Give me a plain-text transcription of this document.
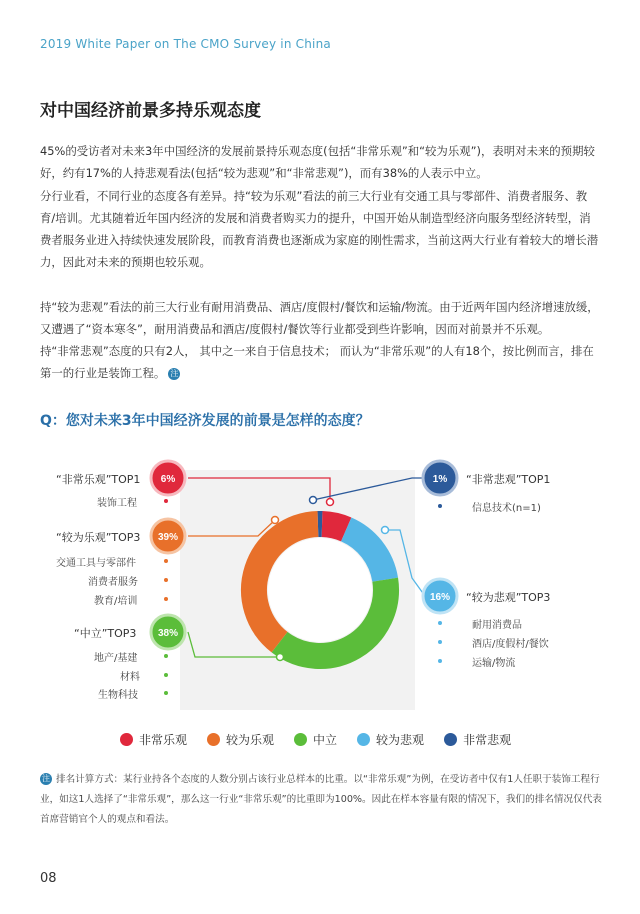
2019 White Paper on The CMO Survey in China
对中国经济前景多持乐观态度
45%的受访者对未来3年中国经济的发展前景持乐观态度(包括“非常乐观”和“较为乐观”)，表明对未来的预期较好，约有17%的人持悲观看法(包括“较为悲观”和“非常悲观”)，而有38%的人表示中立。
分行业看，不同行业的态度各有差异。持“较为乐观”看法的前三大行业有交通工具与零部件、消费者服务、教育/培训。尤其随着近年国内经济的发展和消费者购买力的提升，中国开始从制造型经济向服务型经济转型，消费者服务业进入持续快速发展阶段，而教育消费也逐渐成为家庭的刚性需求，当前这两大行业有着较大的增长潜力，因此对未来的预期也较乐观。
持“较为悲观”看法的前三大行业有耐用消费品、酒店/度假村/餐饮和运输/物流。由于近两年国内经济增速放缓，又遭遇了“资本寒冬”，耐用消费品和酒店/度假村/餐饮等行业都受到些许影响，因而对前景并不乐观。
持“非常悲观”态度的只有2人， 其中之一来自于信息技术； 而认为“非常乐观”的人有18个，按比例而言，排在第一的行业是装饰工程。 注
Q：您对未来3年中国经济发展的前景是怎样的态度？
6%
39%
38%
1%
16%
“非常乐观”TOP1
装饰工程
“较为乐观”TOP3
交通工具与零部件
消费者服务
教育/培训
“中立”TOP3
地产/基建
材料
生物科技
“非常悲观”TOP1
信息技术(n=1)
“较为悲观”TOP3
耐用消费品
酒店/度假村/餐饮
运输/物流
非常乐观	较为乐观	中立	较为悲观	非常悲观
注 排名计算方式：某行业持各个态度的人数分别占该行业总样本的比重。以“非常乐观”为例，在受访者中仅有1人任职于装饰工程行业，如这1人选择了“非常乐观”，那么这一行业“非常乐观”的比重即为100%。因此在样本容量有限的情况下，我们的排名情况仅代表首席营销官个人的观点和看法。
08
